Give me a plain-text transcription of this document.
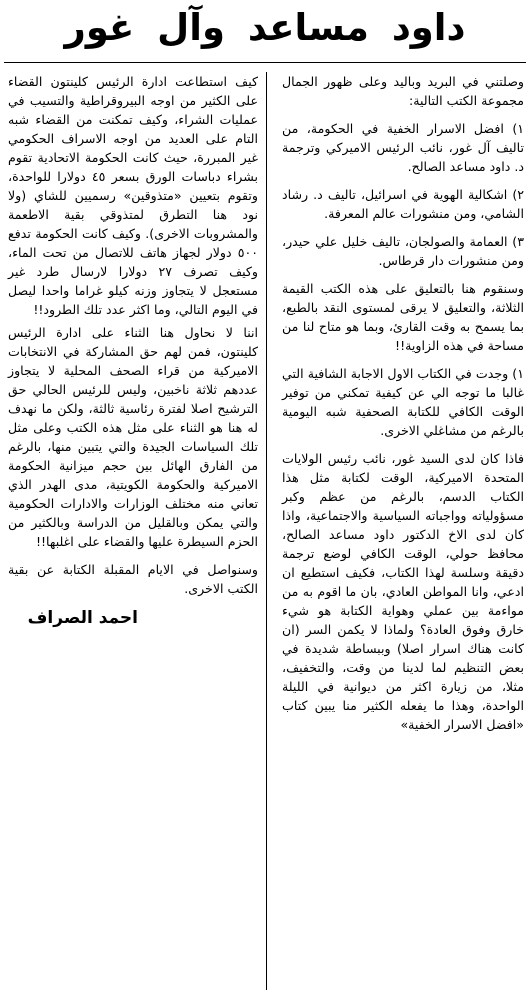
داود مساعد وآل غور

وصلتني في البريد وباليد وعلى ظهور الجمال مجموعة الكتب التالية:

١) افضل الاسرار الخفية في الحكومة، من تاليف آل غور، نائب الرئيس الاميركي وترجمة د. داود مساعد الصالح.

٢) اشكالية الهوية في اسرائيل، تاليف د. رشاد الشامي، ومن منشورات عالم المعرفة.

٣) العمامة والصولجان، تاليف خليل علي حيدر، ومن منشورات دار قرطاس.

وسنقوم هنا بالتعليق على هذه الكتب القيمة الثلاثة، والتعليق لا يرقى لمستوى النقد بالطبع، بما يسمح به وقت القارئ، وبما هو متاح لنا من مساحة في هذه الزاوية!!

١) وجدت في الكتاب الاول الاجابة الشافية التي غالبا ما توجه الي عن كيفية تمكني من توفير الوقت الكافي للكتابة الصحفية شبه اليومية بالرغم من مشاغلي الاخرى.

فاذا كان لدى السيد غور، نائب رئيس الولايات المتحدة الاميركية، الوقت لكتابة مثل هذا الكتاب الدسم، بالرغم من عظم وكبر مسؤولياته وواجباته السياسية والاجتماعية، واذا كان لدى الاخ الدكتور داود مساعد الصالح، محافظ حولي، الوقت الكافي لوضع ترجمة دقيقة وسلسة لهذا الكتاب، فكيف استطيع ان ادعي، وانا المواطن العادي، بان ما اقوم به من مواءمة بين عملي وهواية الكتابة هو شيء خارق وفوق العادة؟ ولماذا لا يكمن السر (ان كانت هناك اسرار اصلا) وببساطة شديدة في بعض التنظيم لما لدينا من وقت، والتخفيف، مثلا، من زيارة اكثر من ديوانية في الليلة الواحدة، وهذا ما يفعله الكثير منا يبين كتاب «افضل الاسرار الخفية»

كيف استطاعت ادارة الرئيس كلينتون القضاء على الكثير من اوجه البيروقراطية والتسيب في عمليات الشراء، وكيف تمكنت من القضاء شبه التام على العديد من اوجه الاسراف الحكومي غير المبررة، حيث كانت الحكومة الاتحادية تقوم بشراء دباسات الورق بسعر ٤٥ دولارا للواحدة، وتقوم بتعيين «متذوقين» رسميين للشاي (ولا نود هنا التطرق لمتذوقي بقية الاطعمة والمشروبات الاخرى). وكيف كانت الحكومة تدفع ٥٠٠ دولار لجهاز هاتف للاتصال من تحت الماء، وكيف تصرف ٢٧ دولارا لارسال طرد غير مستعجل لا يتجاوز وزنه كيلو غراما واحدا ليصل في اليوم التالي، وما اكثر عدد تلك الطرود!!

اننا لا نحاول هنا الثناء على ادارة الرئيس كلينتون، فمن لهم حق المشاركة في الانتخابات الاميركية من قراء الصحف المحلية لا يتجاوز عددهم ثلاثة ناخبين، وليس للرئيس الحالي حق الترشيح اصلا لفترة رئاسية ثالثة، ولكن ما نهدف له هنا هو الثناء على مثل هذه الكتب وعلى مثل تلك السياسات الجيدة والتي يتبين منها، بالرغم من الفارق الهائل بين حجم ميزانية الحكومة الاميركية والحكومة الكويتية، مدى الهدر الذي تعاني منه مختلف الوزارات والادارات الحكومية والتي يمكن وبالقليل من الدراسة وبالكثير من الحزم السيطرة عليها والقضاء على اغلبها!!

وسنواصل في الايام المقبلة الكتابة عن بقية الكتب الاخرى.

احمد الصراف
